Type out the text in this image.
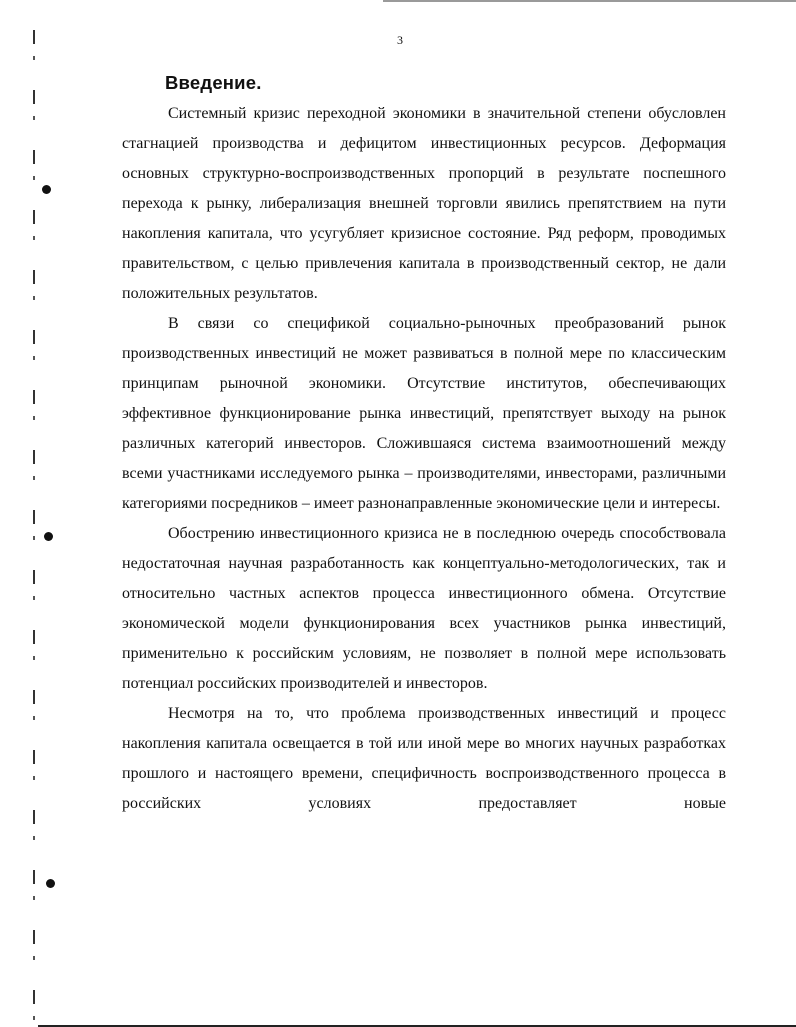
3
Введение.

Системный кризис переходной экономики в значительной степени обусловлен стагнацией производства и дефицитом инвестиционных ресурсов. Деформация основных структурно-воспроизводственных пропорций в результате поспешного перехода к рынку, либерализация внешней торговли явились препятствием на пути накопления капитала, что усугубляет кризисное состояние. Ряд реформ, проводимых правительством, с целью привлечения капитала в производственный сектор, не дали положительных результатов.

В связи со спецификой социально-рыночных преобразований рынок производственных инвестиций не может развиваться в полной мере по классическим принципам рыночной экономики. Отсутствие институтов, обеспечивающих эффективное функционирование рынка инвестиций, препятствует выходу на рынок различных категорий инвесторов. Сложившаяся система взаимоотношений между всеми участниками исследуемого рынка – производителями, инвесторами, различными категориями посредников – имеет разнонаправленные экономические цели и интересы.

Обострению инвестиционного кризиса не в последнюю очередь способствовала недостаточная научная разработанность как концептуально-методологических, так и относительно частных аспектов процесса инвестиционного обмена. Отсутствие экономической модели функционирования всех участников рынка инвестиций, применительно к российским условиям, не позволяет в полной мере использовать потенциал российских производителей и инвесторов.

Несмотря на то, что проблема производственных инвестиций и процесс накопления капитала освещается в той или иной мере во многих научных разработках прошлого и настоящего времени, специфичность воспроизводственного процесса в российских условиях предоставляет новые
